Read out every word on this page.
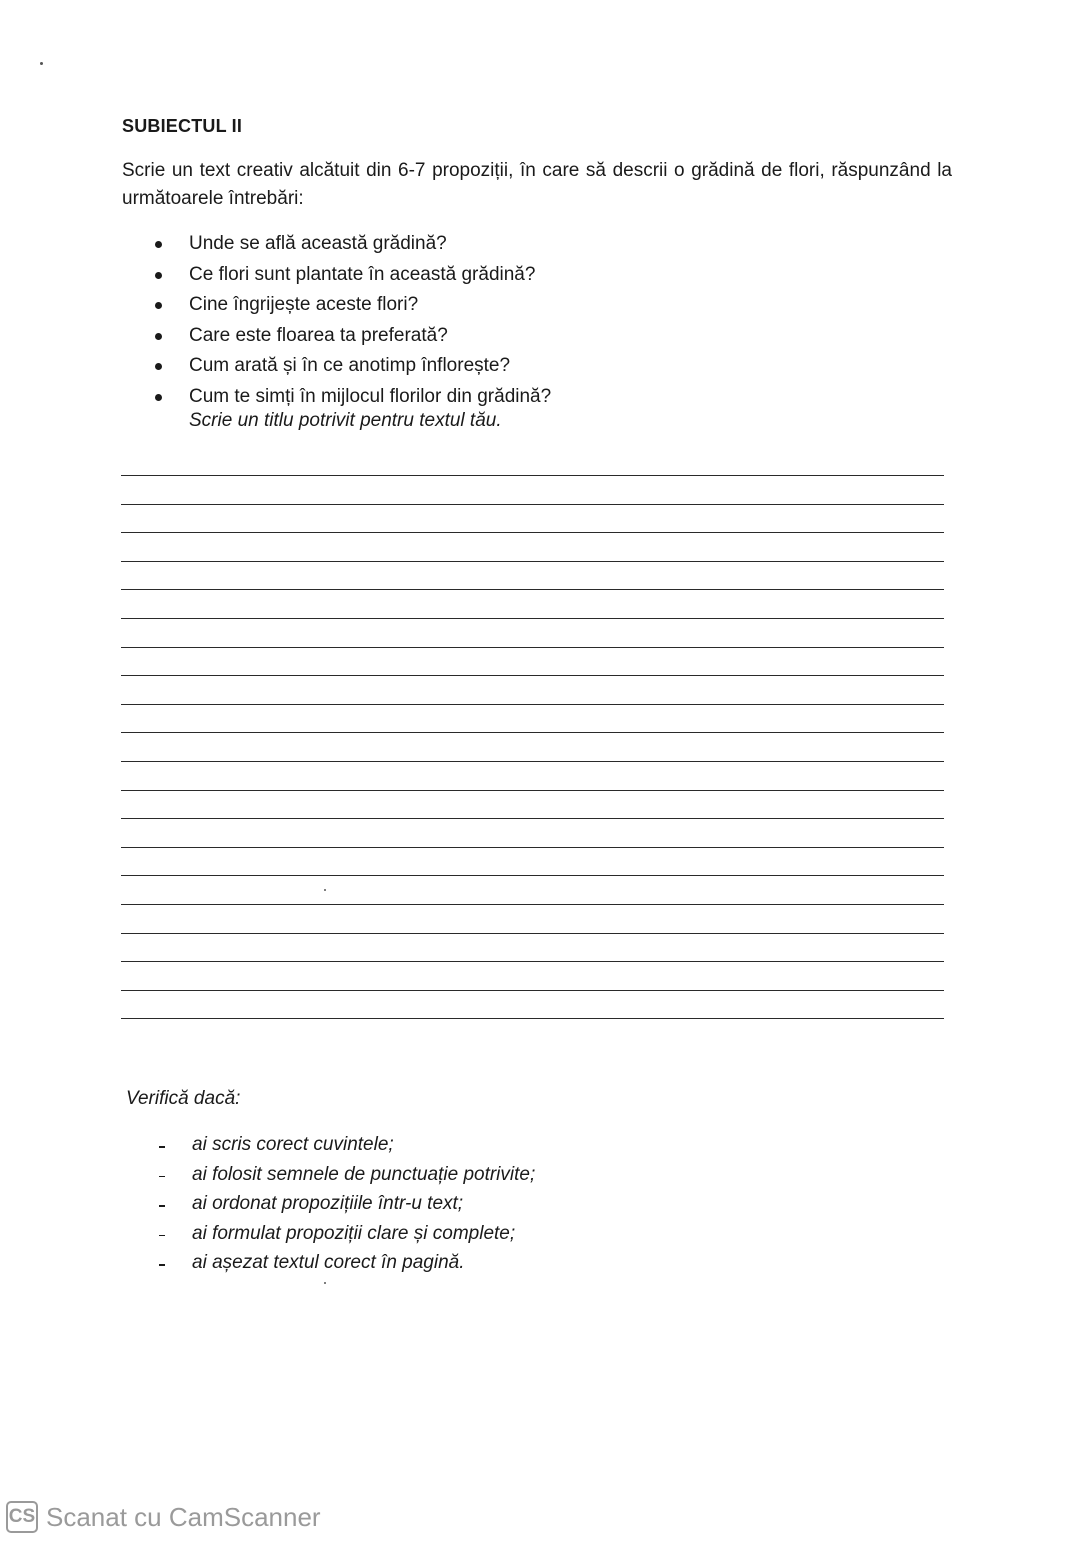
SUBIECTUL II
Scrie un text creativ alcătuit din 6-7 propoziții, în care să descrii o grădină de flori, răspunzând la următoarele întrebări:
Unde se află această grădină?
Ce flori sunt plantate în această grădină?
Cine îngrijește aceste flori?
Care este floarea ta preferată?
Cum arată și în ce anotimp înflorește?
Cum te simți în mijlocul florilor din grădină?
Scrie un titlu potrivit pentru textul tău.
Verifică dacă:
ai scris corect cuvintele;
ai folosit semnele de punctuație potrivite;
ai ordonat propozițiile într-u text;
ai formulat propoziții clare și complete;
ai așezat textul corect în pagină.
CS Scanat cu CamScanner
